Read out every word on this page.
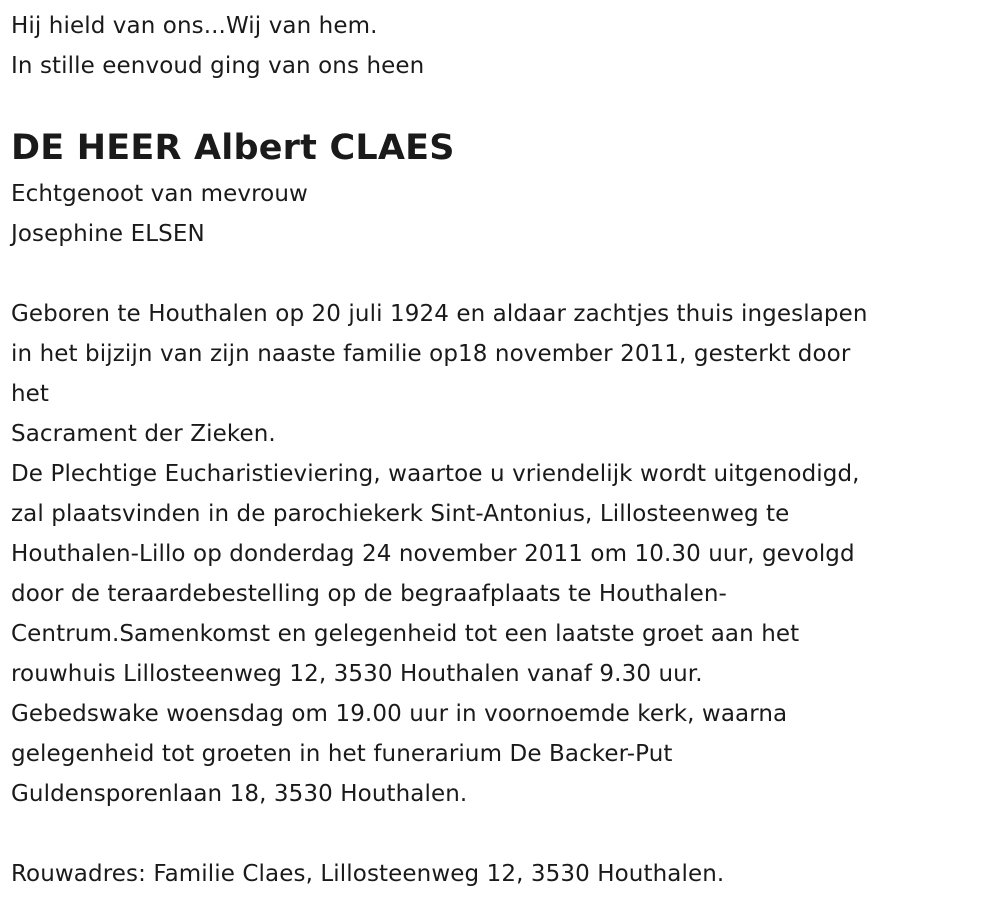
Hij hield van ons...Wij van hem.
In stille eenvoud ging van ons heen
DE HEER Albert CLAES
Echtgenoot van mevrouw
Josephine ELSEN
Geboren te Houthalen op 20 juli 1924 en aldaar zachtjes thuis ingeslapen
in het bijzijn van zijn naaste familie op18 november 2011, gesterkt door
het
Sacrament der Zieken.
De Plechtige Eucharistieviering, waartoe u vriendelijk wordt uitgenodigd,
zal plaatsvinden in de parochiekerk Sint-Antonius, Lillosteenweg te
Houthalen-Lillo op donderdag 24 november 2011 om 10.30 uur, gevolgd
door de teraardebestelling op de begraafplaats te Houthalen-
Centrum.Samenkomst en gelegenheid tot een laatste groet aan het
rouwhuis Lillosteenweg 12, 3530 Houthalen vanaf 9.30 uur.
Gebedswake woensdag om 19.00 uur in voornoemde kerk, waarna
gelegenheid tot groeten in het funerarium De Backer-Put
Guldensporenlaan 18, 3530 Houthalen.
Rouwadres: Familie Claes, Lillosteenweg 12, 3530 Houthalen.
